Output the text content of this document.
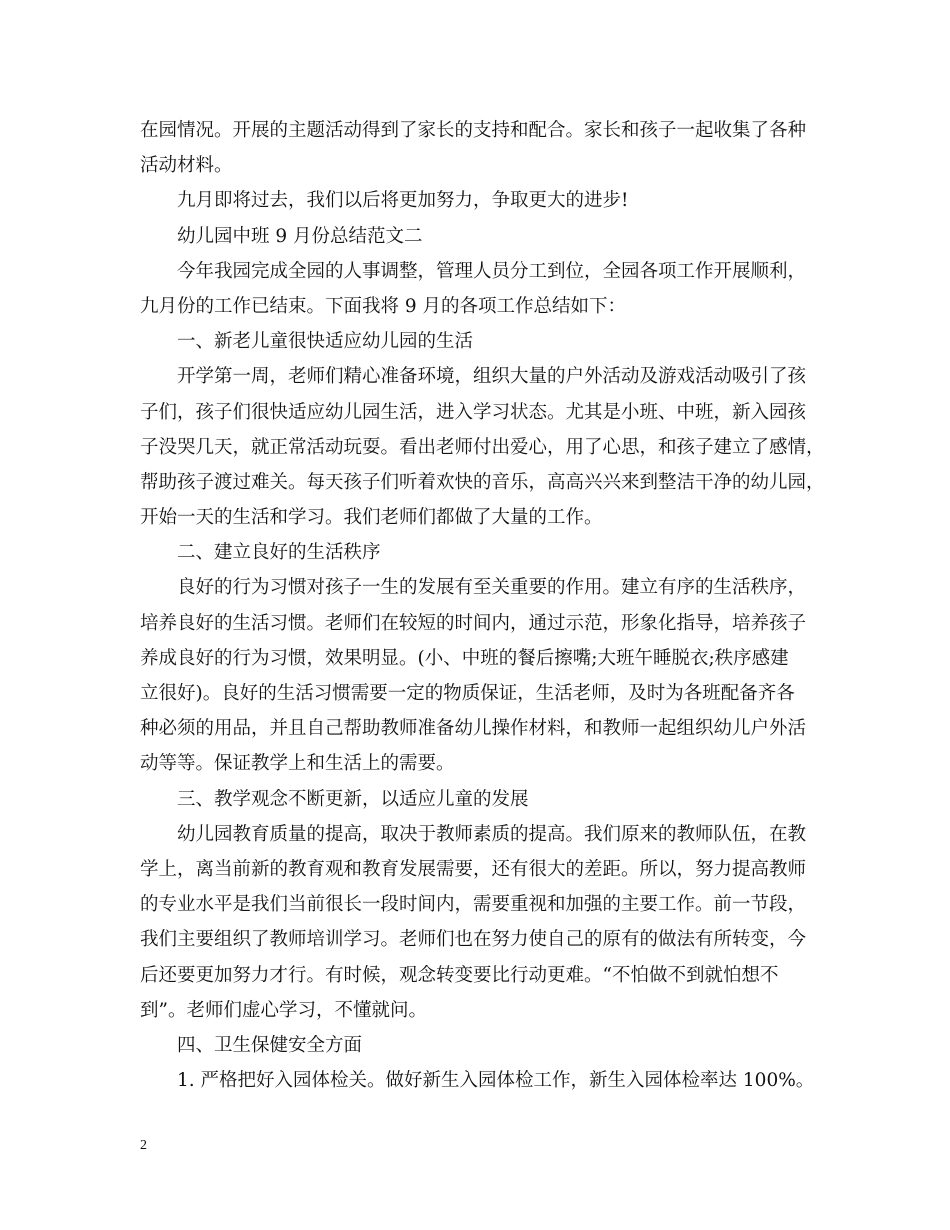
在园情况。开展的主题活动得到了家长的支持和配合。家长和孩子一起收集了各种
活动材料。
九月即将过去，我们以后将更加努力，争取更大的进步!
幼儿园中班 9 月份总结范文二
今年我园完成全园的人事调整，管理人员分工到位，全园各项工作开展顺利，
九月份的工作已结束。下面我将 9 月的各项工作总结如下：
一、新老儿童很快适应幼儿园的生活
开学第一周，老师们精心准备环境，组织大量的户外活动及游戏活动吸引了孩
子们，孩子们很快适应幼儿园生活，进入学习状态。尤其是小班、中班，新入园孩
子没哭几天，就正常活动玩耍。看出老师付出爱心，用了心思，和孩子建立了感情，
帮助孩子渡过难关。每天孩子们听着欢快的音乐，高高兴兴来到整洁干净的幼儿园，
开始一天的生活和学习。我们老师们都做了大量的工作。
二、建立良好的生活秩序
良好的行为习惯对孩子一生的发展有至关重要的作用。建立有序的生活秩序，
培养良好的生活习惯。老师们在较短的时间内，通过示范，形象化指导，培养孩子
养成良好的行为习惯，效果明显。(小、中班的餐后擦嘴;大班午睡脱衣;秩序感建
立很好)。良好的生活习惯需要一定的物质保证，生活老师，及时为各班配备齐各
种必须的用品，并且自己帮助教师准备幼儿操作材料，和教师一起组织幼儿户外活
动等等。保证教学上和生活上的需要。
三、教学观念不断更新，以适应儿童的发展
幼儿园教育质量的提高，取决于教师素质的提高。我们原来的教师队伍，在教
学上，离当前新的教育观和教育发展需要，还有很大的差距。所以，努力提高教师
的专业水平是我们当前很长一段时间内，需要重视和加强的主要工作。前一节段，
我们主要组织了教师培训学习。老师们也在努力使自己的原有的做法有所转变，今
后还要更加努力才行。有时候，观念转变要比行动更难。“不怕做不到就怕想不
到”。老师们虚心学习，不懂就问。
四、卫生保健安全方面
1. 严格把好入园体检关。做好新生入园体检工作，新生入园体检率达 100%。
2
